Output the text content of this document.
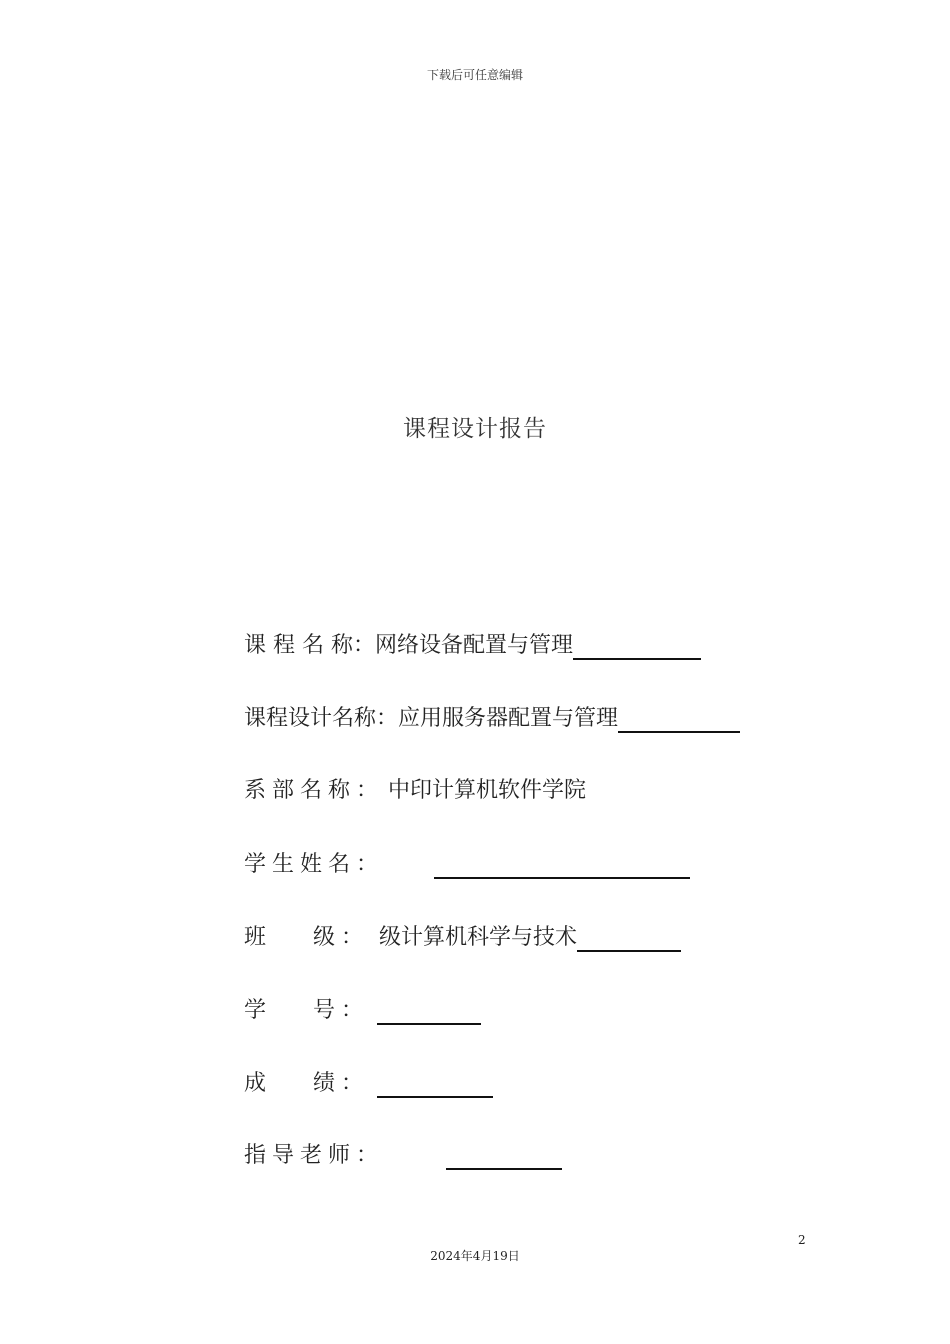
下载后可任意编辑
课程设计报告
课 程 名 称：网络设备配置与管理
课程设计名称：应用服务器配置与管理
系部名称： 中印计算机软件学院
学生姓名：
班　 级： 级计算机科学与技术
学　 号：
成　 绩：
指导老师：
2
2024年4月19日
